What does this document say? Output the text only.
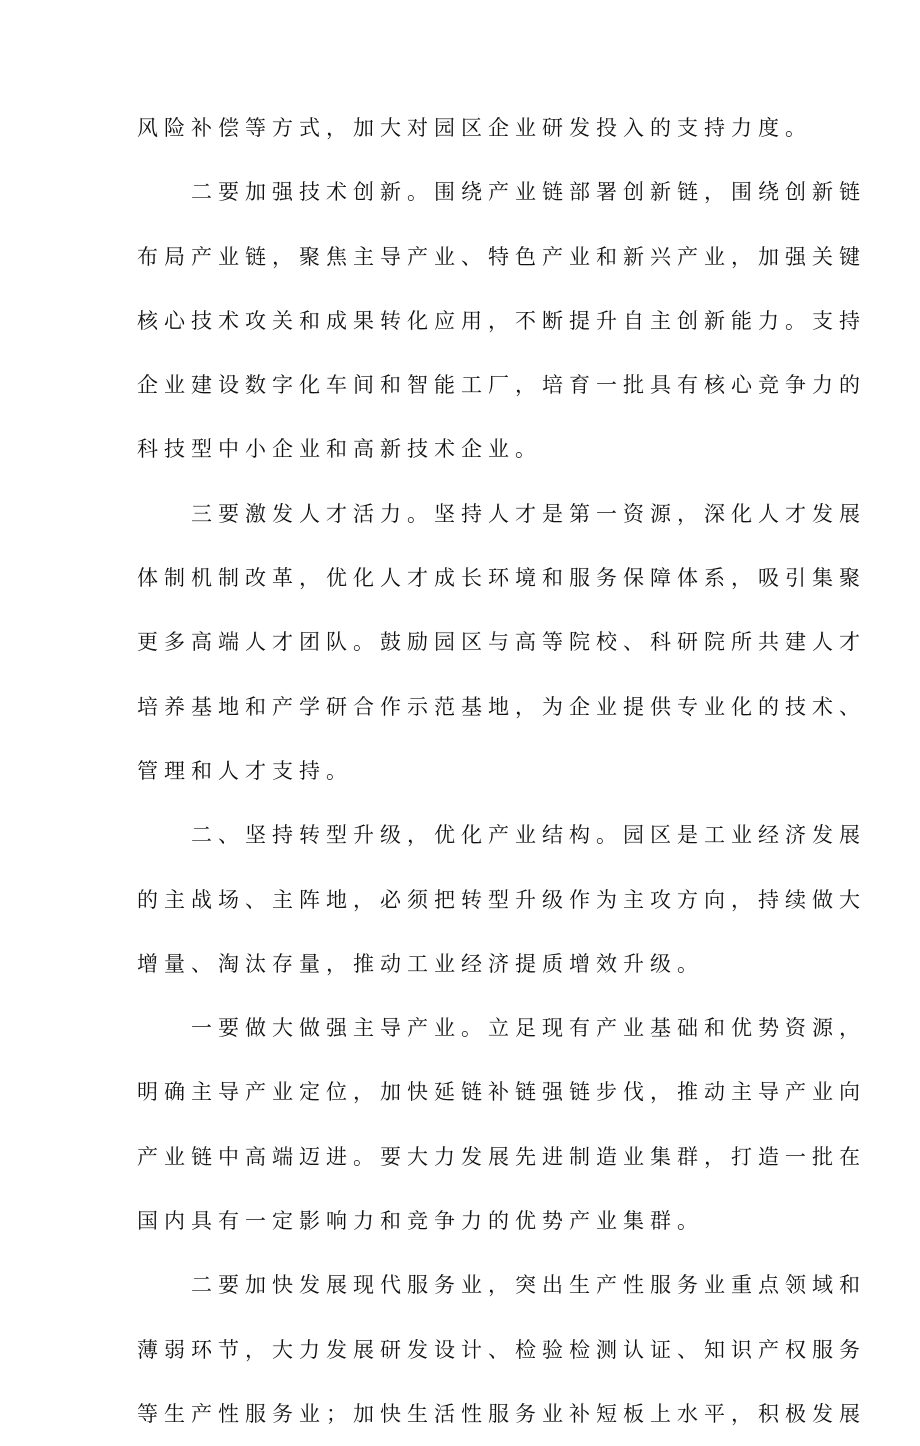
风险补偿等方式，加大对园区企业研发投入的支持力度。
二要加强技术创新。围绕产业链部署创新链，围绕创新链
布局产业链，聚焦主导产业、特色产业和新兴产业，加强关键
核心技术攻关和成果转化应用，不断提升自主创新能力。支持
企业建设数字化车间和智能工厂，培育一批具有核心竞争力的
科技型中小企业和高新技术企业。
三要激发人才活力。坚持人才是第一资源，深化人才发展
体制机制改革，优化人才成长环境和服务保障体系，吸引集聚
更多高端人才团队。鼓励园区与高等院校、科研院所共建人才
培养基地和产学研合作示范基地，为企业提供专业化的技术、
管理和人才支持。
二、坚持转型升级，优化产业结构。园区是工业经济发展
的主战场、主阵地，必须把转型升级作为主攻方向，持续做大
增量、淘汰存量，推动工业经济提质增效升级。
一要做大做强主导产业。立足现有产业基础和优势资源，
明确主导产业定位，加快延链补链强链步伐，推动主导产业向
产业链中高端迈进。要大力发展先进制造业集群，打造一批在
国内具有一定影响力和竞争力的优势产业集群。
二要加快发展现代服务业，突出生产性服务业重点领域和
薄弱环节，大力发展研发设计、检验检测认证、知识产权服务
等生产性服务业；加快生活性服务业补短板上水平，积极发展
